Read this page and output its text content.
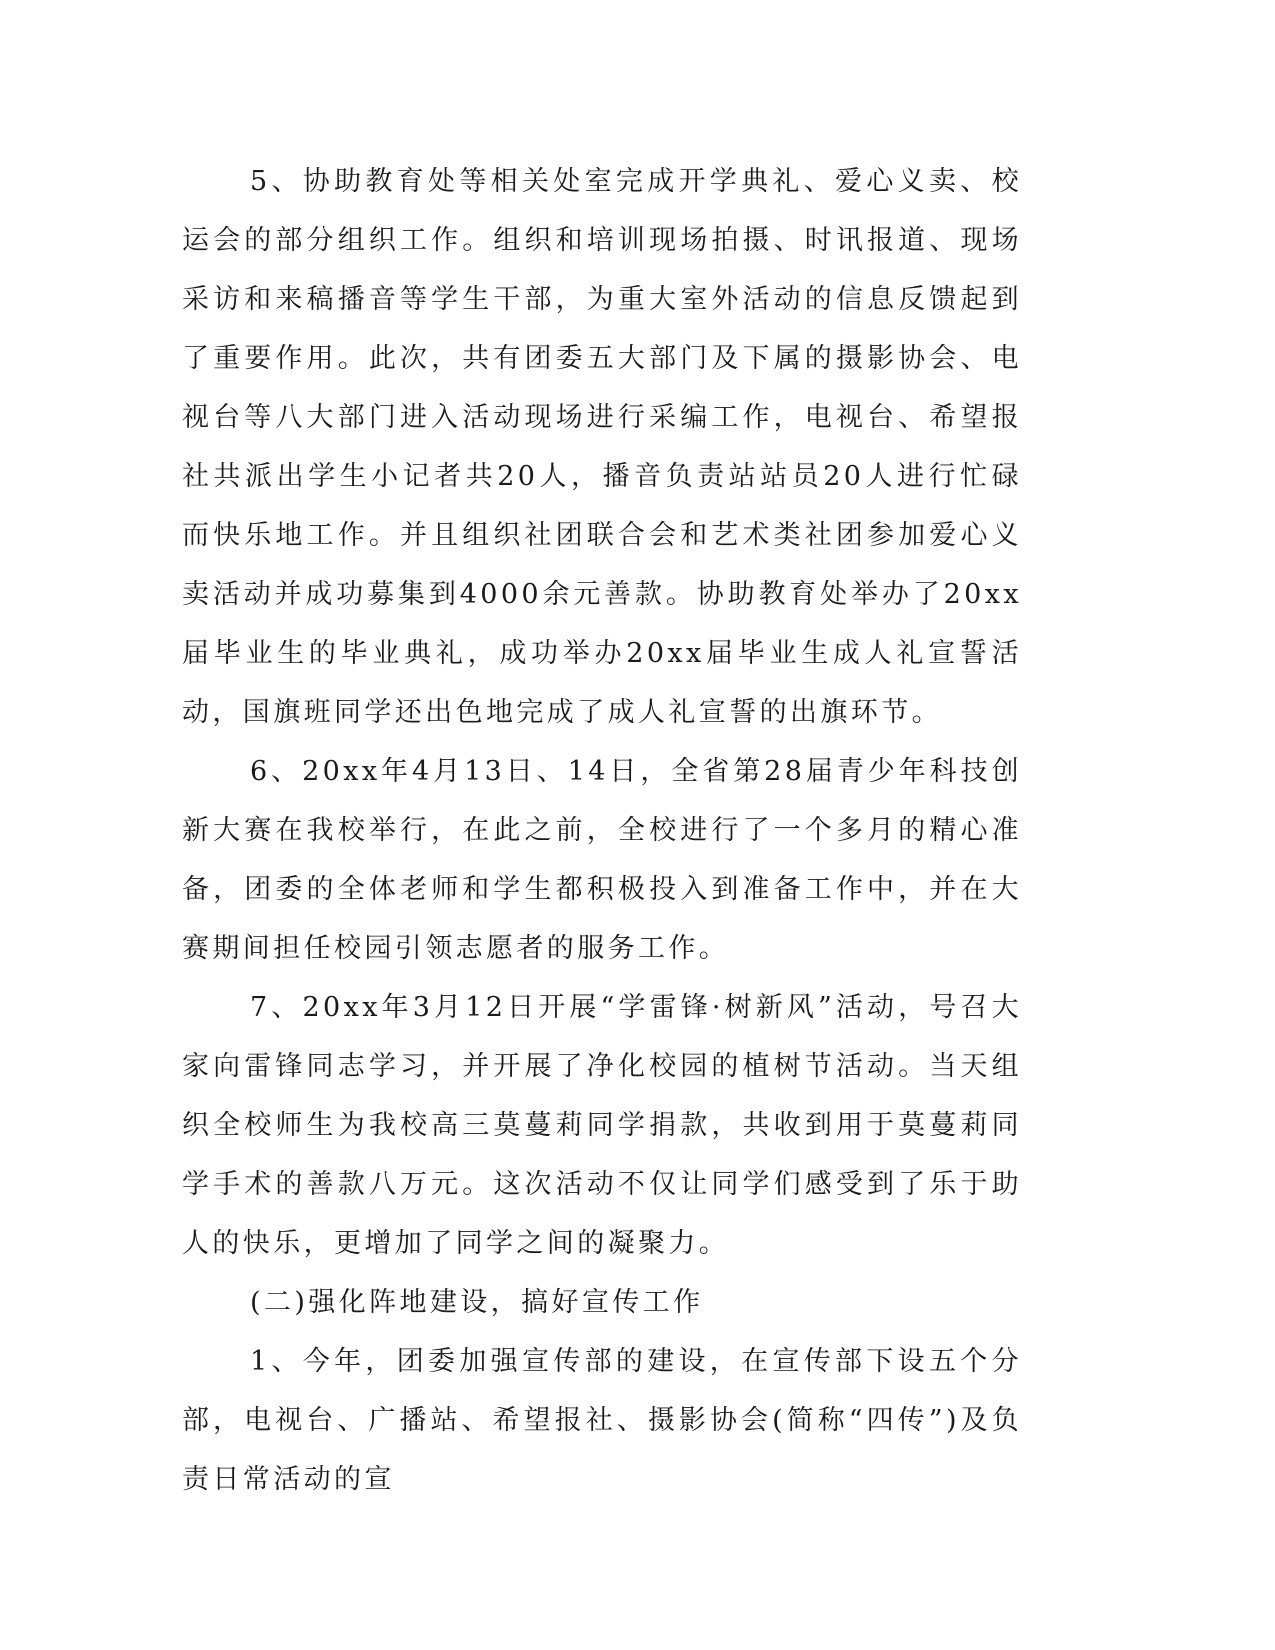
5、协助教育处等相关处室完成开学典礼、爱心义卖、校运会的部分组织工作。组织和培训现场拍摄、时讯报道、现场采访和来稿播音等学生干部，为重大室外活动的信息反馈起到了重要作用。此次，共有团委五大部门及下属的摄影协会、电视台等八大部门进入活动现场进行采编工作，电视台、希望报社共派出学生小记者共20人，播音负责站站员20人进行忙碌而快乐地工作。并且组织社团联合会和艺术类社团参加爱心义卖活动并成功募集到4000余元善款。协助教育处举办了20xx届毕业生的毕业典礼，成功举办20xx届毕业生成人礼宣誓活动，国旗班同学还出色地完成了成人礼宣誓的出旗环节。

6、20xx年4月13日、14日，全省第28届青少年科技创新大赛在我校举行，在此之前，全校进行了一个多月的精心准备，团委的全体老师和学生都积极投入到准备工作中，并在大赛期间担任校园引领志愿者的服务工作。

7、20xx年3月12日开展“学雷锋·树新风”活动，号召大家向雷锋同志学习，并开展了净化校园的植树节活动。当天组织全校师生为我校高三莫蔓莉同学捐款，共收到用于莫蔓莉同学手术的善款八万元。这次活动不仅让同学们感受到了乐于助人的快乐，更增加了同学之间的凝聚力。

(二)强化阵地建设，搞好宣传工作

1、今年，团委加强宣传部的建设，在宣传部下设五个分部，电视台、广播站、希望报社、摄影协会(简称“四传”)及负责日常活动的宣
